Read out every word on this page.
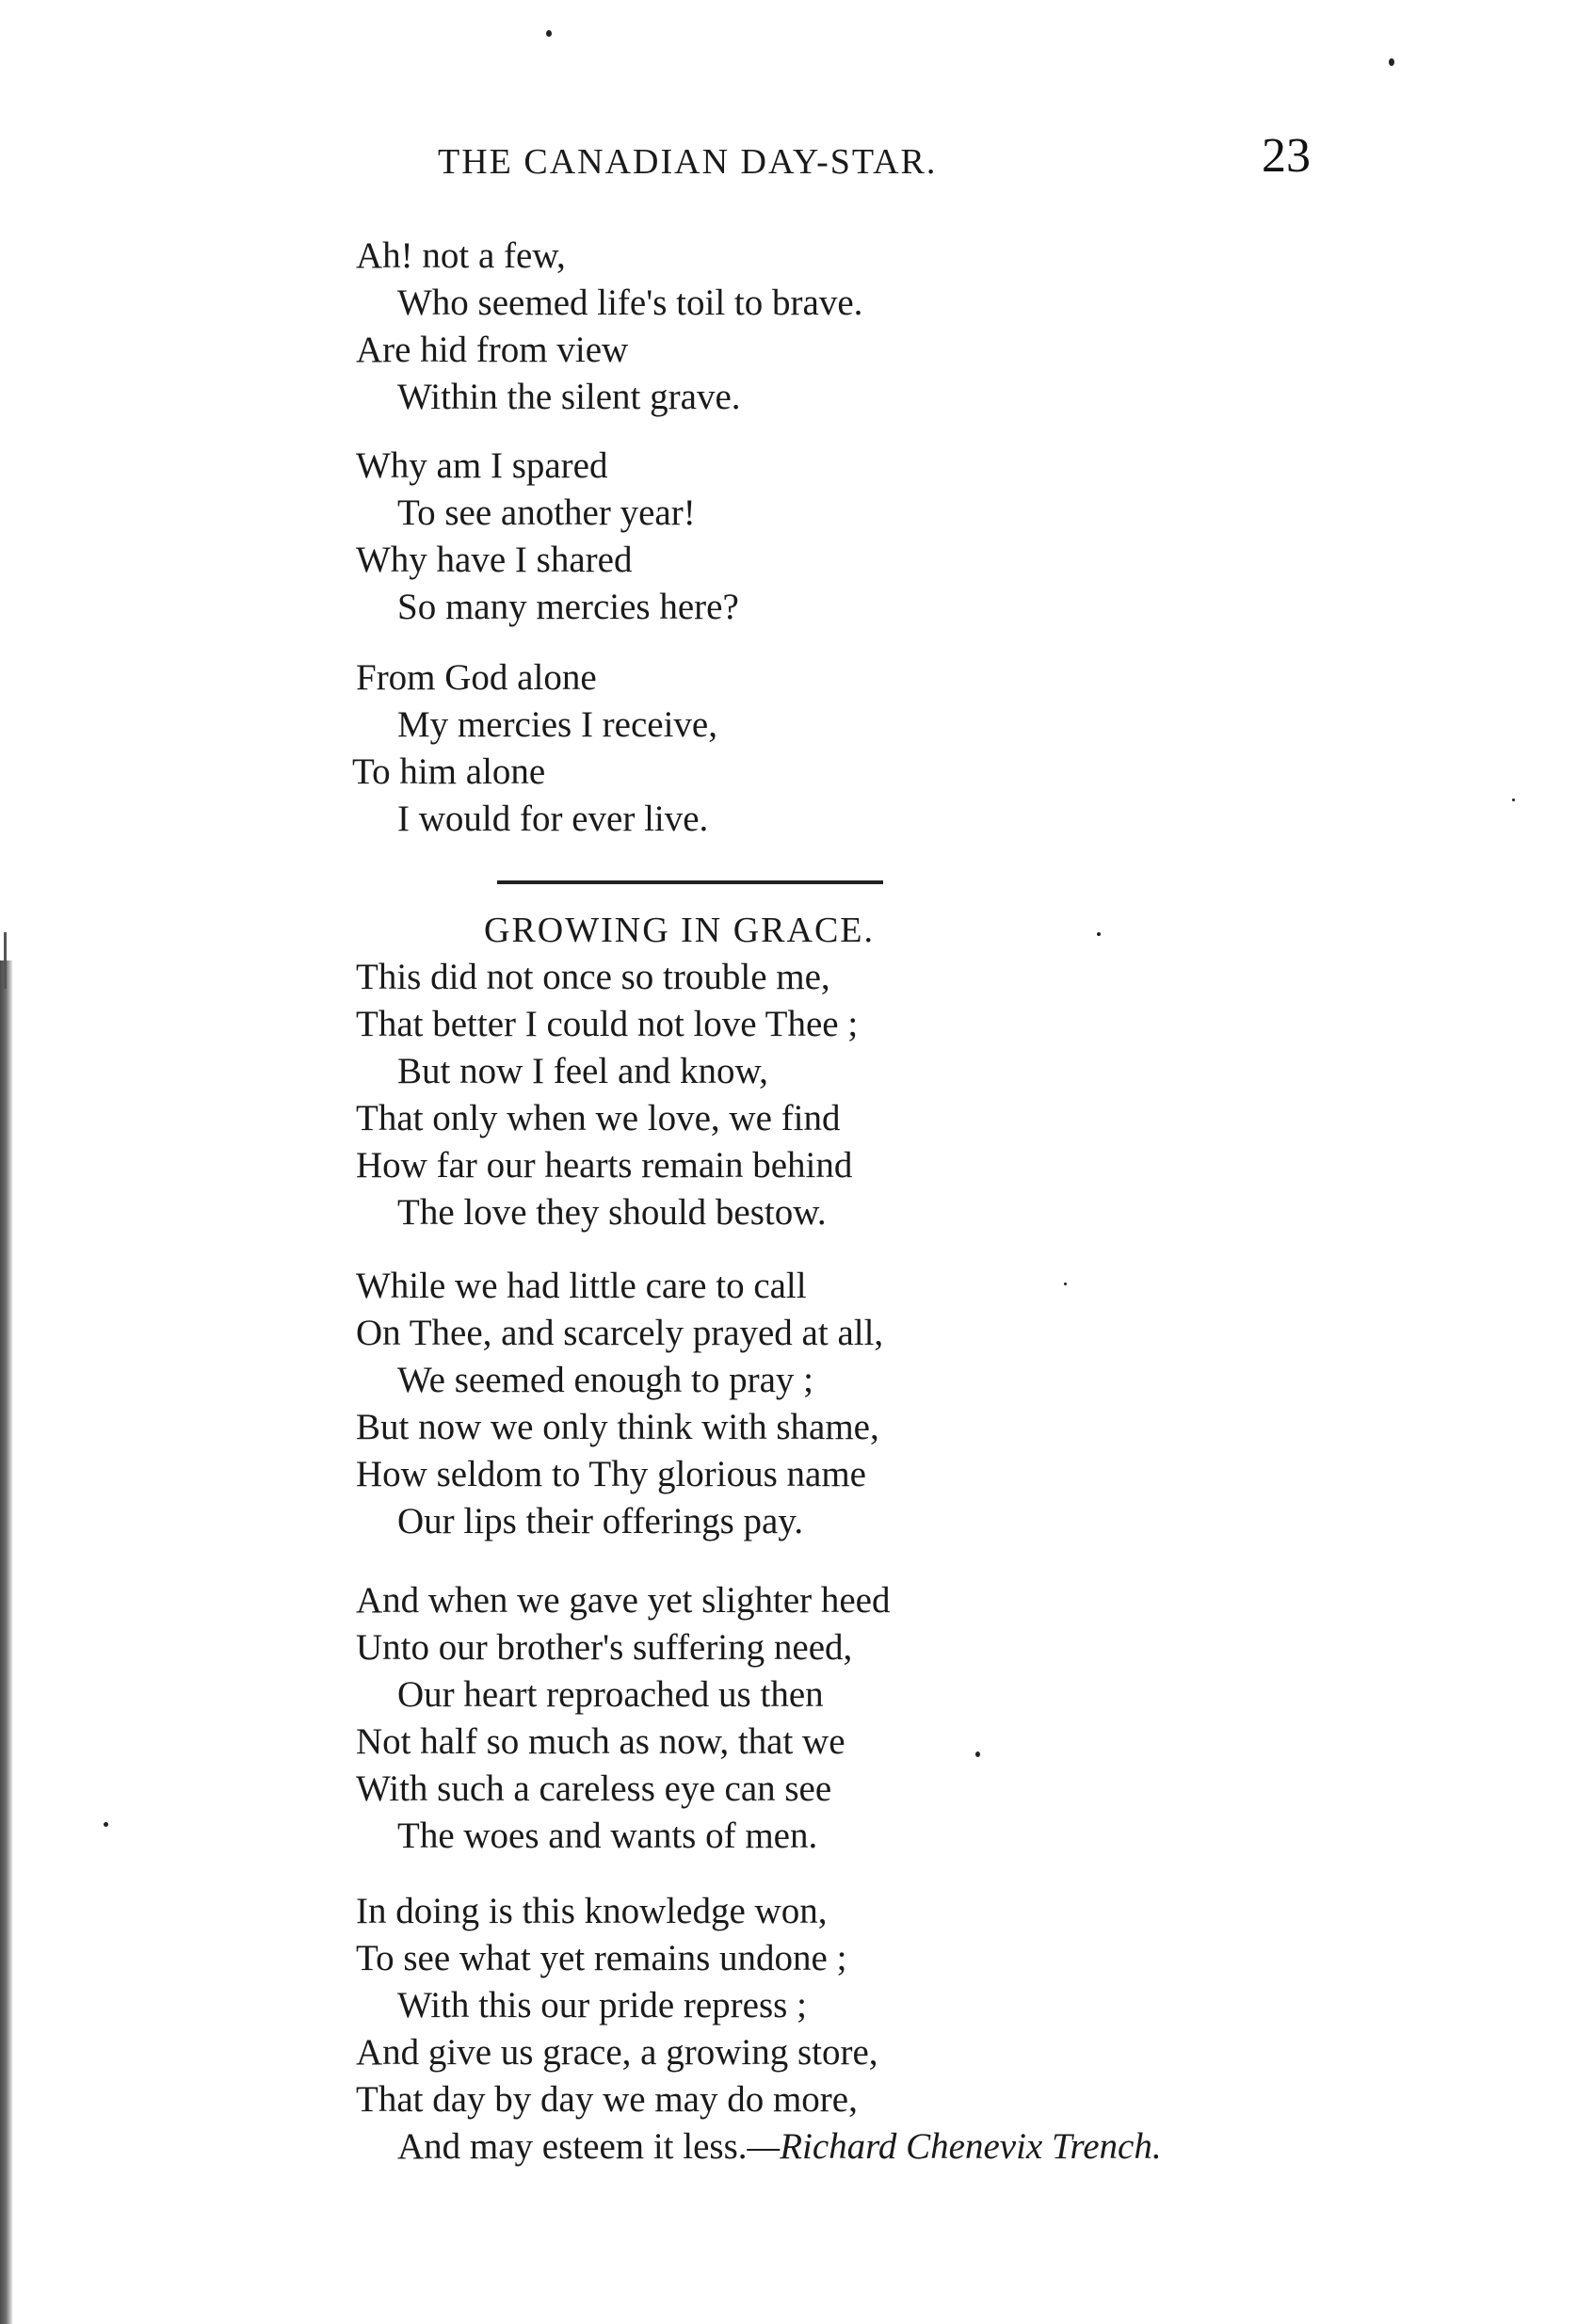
THE CANADIAN DAY-STAR.	23
Ah! not a few,
Who seemed life's toil to brave.
Are hid from view
Within the silent grave.
Why am I spared
To see another year!
Why have I shared
So many mercies here?
From God alone
My mercies I receive,
To him alone
I would for ever live.
GROWING IN GRACE.
This did not once so trouble me,
That better I could not love Thee ;
But now I feel and know,
That only when we love, we find
How far our hearts remain behind
The love they should bestow.
While we had little care to call
On Thee, and scarcely prayed at all,
We seemed enough to pray ;
But now we only think with shame,
How seldom to Thy glorious name
Our lips their offerings pay.
And when we gave yet slighter heed
Unto our brother's suffering need,
Our heart reproached us then
Not half so much as now, that we
With such a careless eye can see
The woes and wants of men.
In doing is this knowledge won,
To see what yet remains undone ;
With this our pride repress ;
And give us grace, a growing store,
That day by day we may do more,
And may esteem it less.—Richard Chenevix Trench.
